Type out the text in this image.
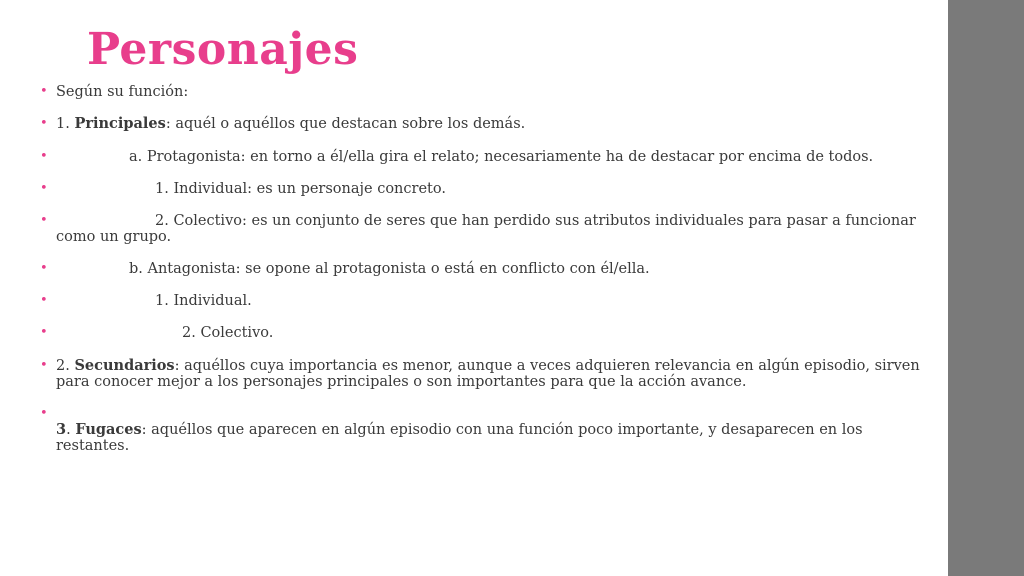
Personajes
• Según su función:
• 1. Principales: aquél o aquéllos que destacan sobre los demás.
•	a. Protagonista: en torno a él/ella gira el relato; necesariamente ha de destacar por encima de todos.
•	1. Individual: es un personaje concreto.
•	2. Colectivo: es un conjunto de seres que han perdido sus atributos individuales para pasar a funcionar como un grupo.
•	b. Antagonista: se opone al protagonista o está en conflicto con él/ella.
•	1. Individual.
•	2. Colectivo.
• 2. Secundarios: aquéllos cuya importancia es menor, aunque a veces adquieren relevancia en algún episodio, sirven para conocer mejor a los personajes principales o son importantes para que la acción avance.
•
3. Fugaces: aquéllos que aparecen en algún episodio con una función poco importante, y desaparecen en los restantes.
